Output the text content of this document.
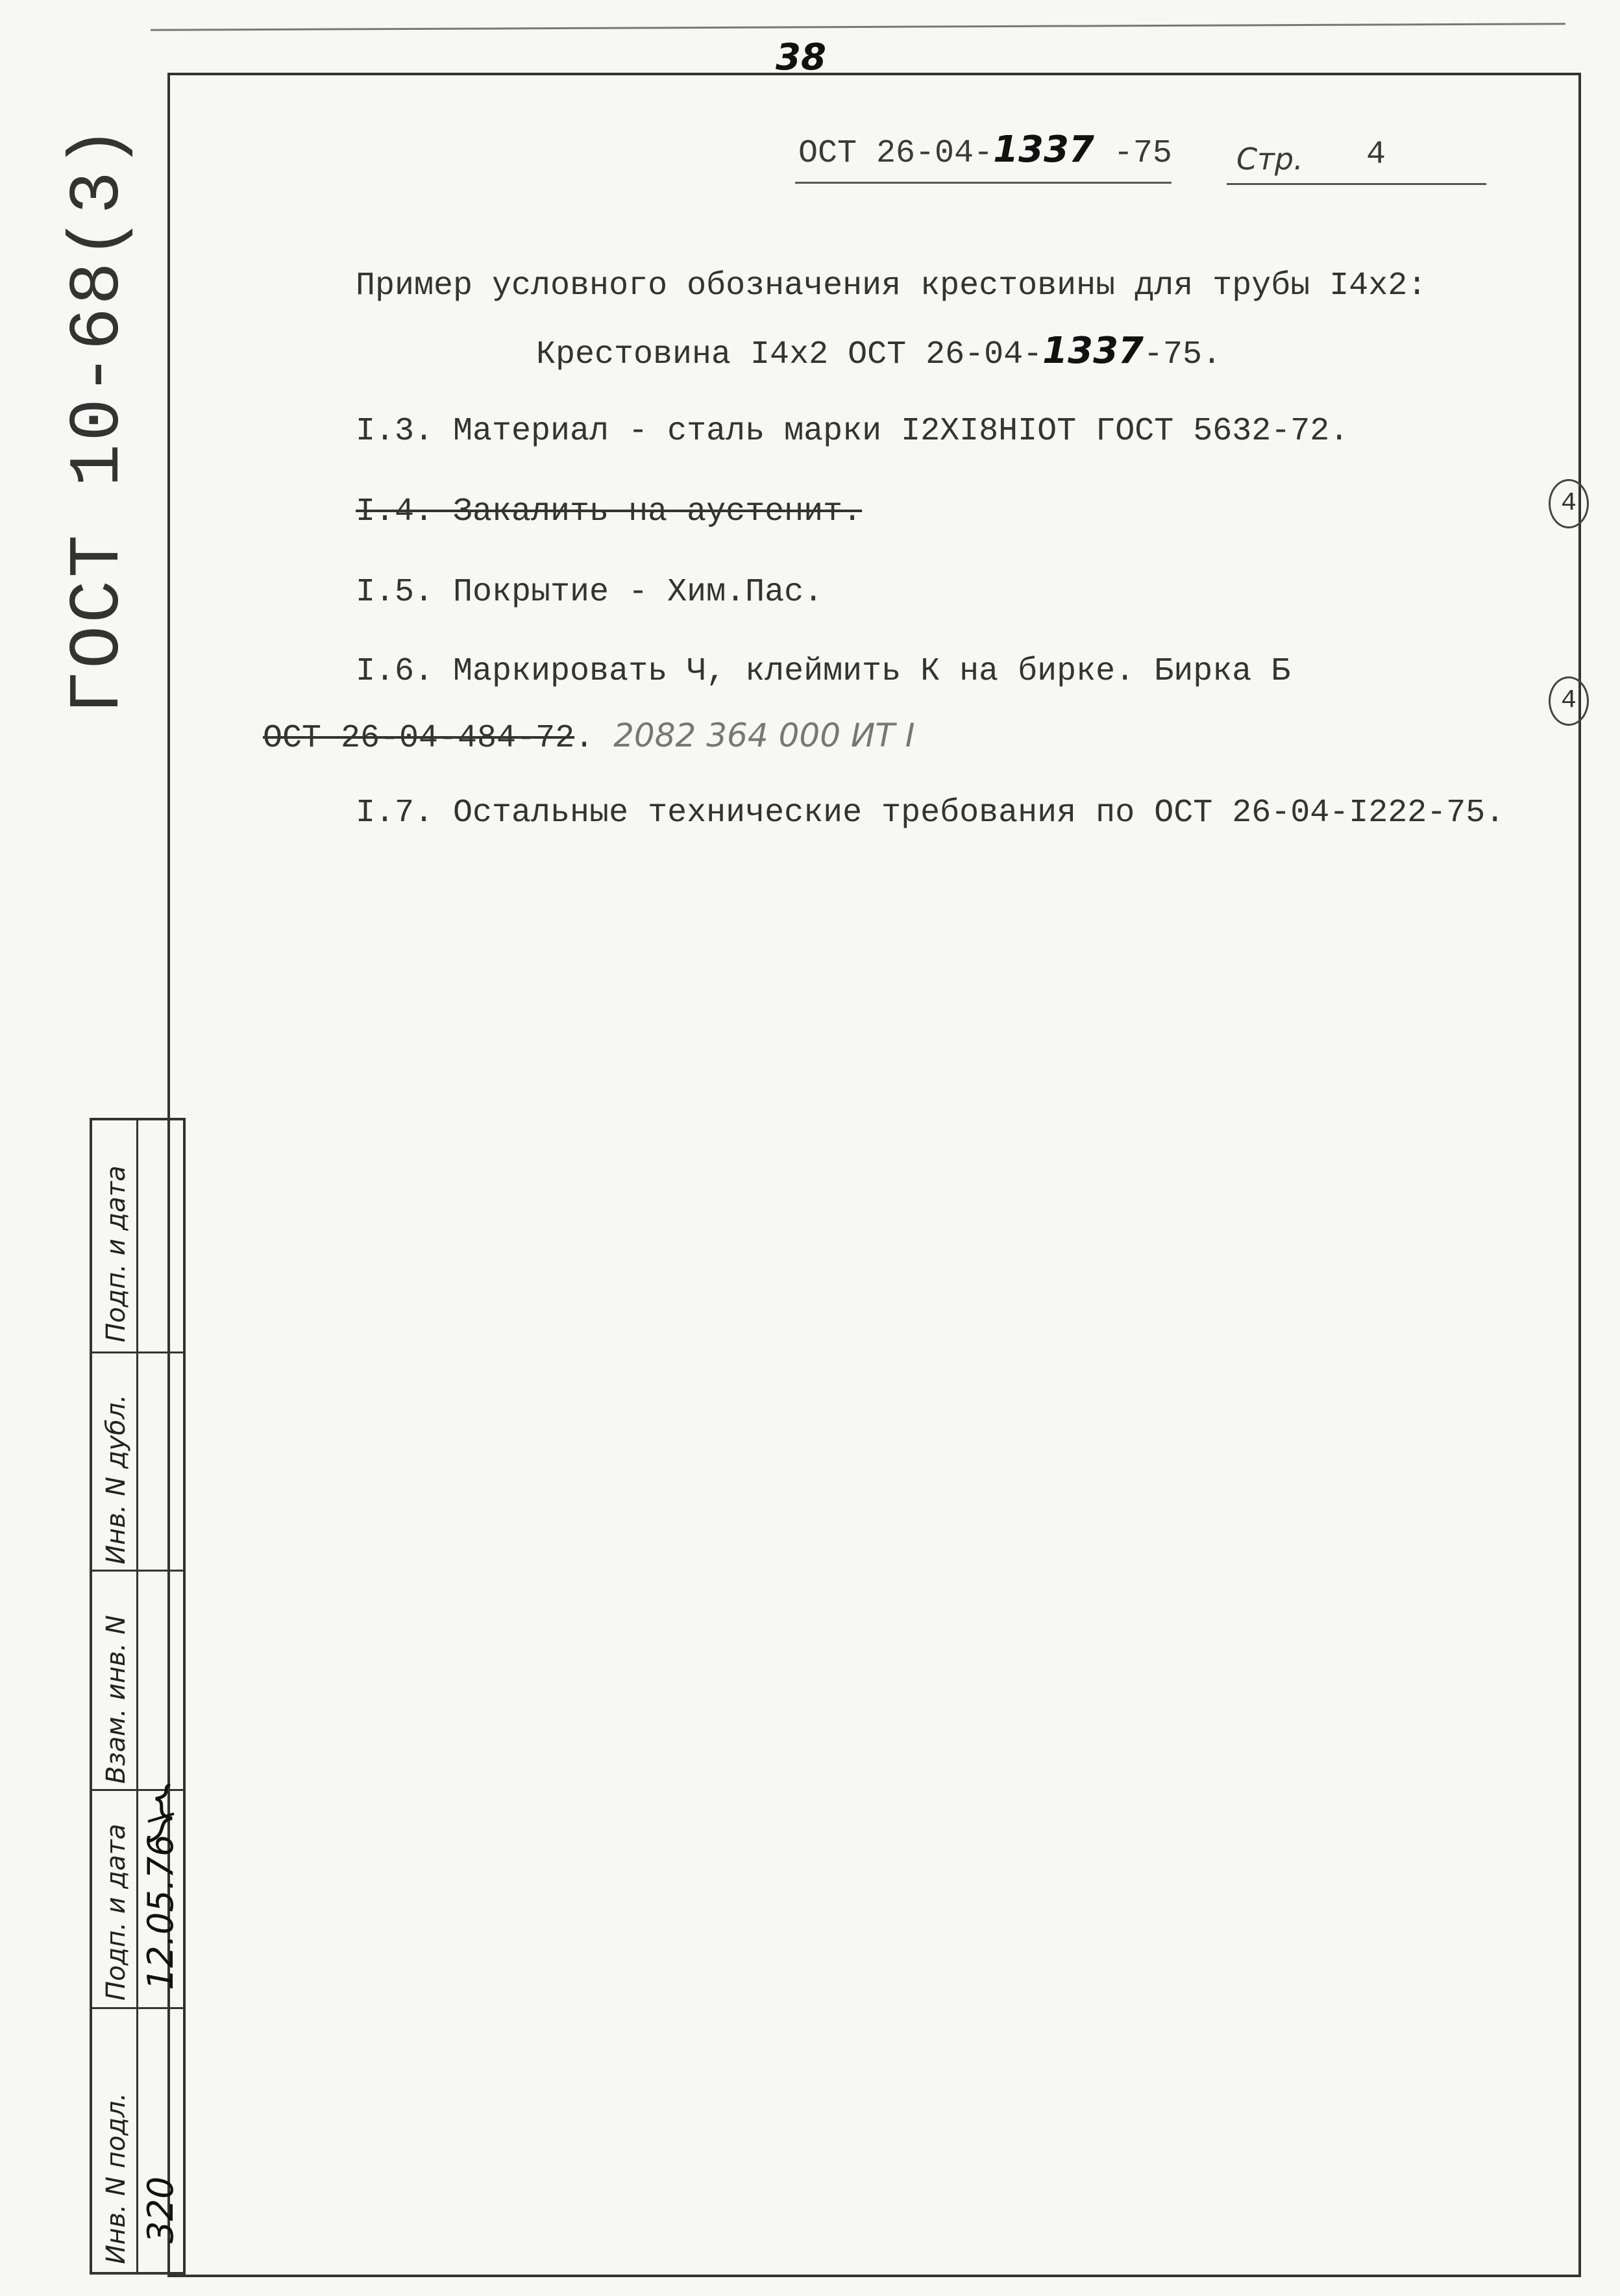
38
ОСТ 26-04-1337 -75 Стр. 4
ГОСТ 10-68(3)	Пример условного обозначения крестовины для трубы I4х2:
Крестовина I4х2 ОСТ 26-04-1337-75.
I.3. Материал - сталь марки I2XI8HIOT ГОСТ 5632-72.
I.4. Закалить на аустенит.
I.5. Покрытие - Хим.Пас.
I.6. Маркировать Ч, клеймить К на бирке. Бирка Б
ОСТ 26-04-484-72. 2082 364 000 ИТ I
I.7. Остальные технические требования по ОСТ 26-04-I222-75.
4
4
Инв. N подл.
Подп. и дата
Взам. инв. N
Инв. N дубл.
Подп. и дата
320
12.05.76
